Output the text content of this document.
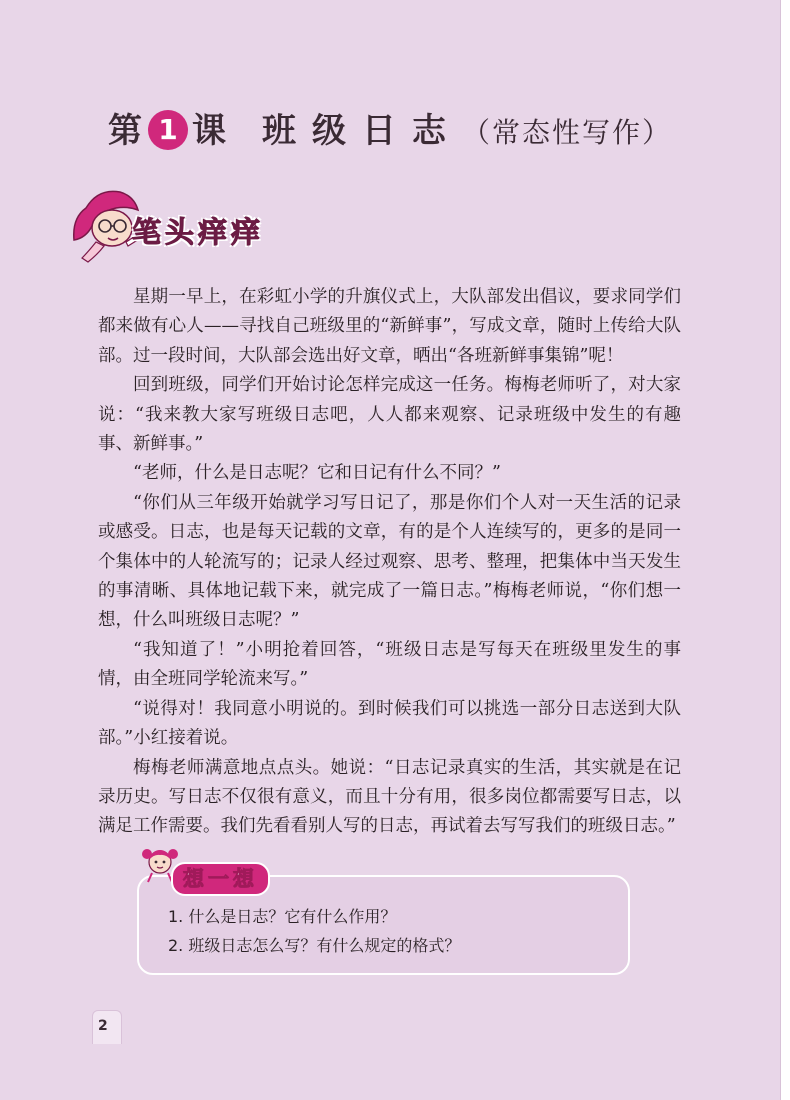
第 1 课 班级日志（常态性写作）
笔头痒痒

星期一早上，在彩虹小学的升旗仪式上，大队部发出倡议，要求同学们都来做有心人——寻找自己班级里的“新鲜事”，写成文章，随时上传给大队部。过一段时间，大队部会选出好文章，晒出“各班新鲜事集锦”呢！

回到班级，同学们开始讨论怎样完成这一任务。梅梅老师听了，对大家说：“我来教大家写班级日志吧，人人都来观察、记录班级中发生的有趣事、新鲜事。”

“老师，什么是日志呢？它和日记有什么不同？”

“你们从三年级开始就学习写日记了，那是你们个人对一天生活的记录或感受。日志，也是每天记载的文章，有的是个人连续写的，更多的是同一个集体中的人轮流写的；记录人经过观察、思考、整理，把集体中当天发生的事清晰、具体地记载下来，就完成了一篇日志。”梅梅老师说，“你们想一想，什么叫班级日志呢？”

“我知道了！”小明抢着回答，“班级日志是写每天在班级里发生的事情，由全班同学轮流来写。”

“说得对！我同意小明说的。到时候我们可以挑选一部分日志送到大队部。”小红接着说。

梅梅老师满意地点点头。她说：“日志记录真实的生活，其实就是在记录历史。写日志不仅很有意义，而且十分有用，很多岗位都需要写日志，以满足工作需要。我们先看看别人写的日志，再试着去写写我们的班级日志。”

想一想
1. 什么是日志？它有什么作用？
2. 班级日志怎么写？有什么规定的格式？
2
